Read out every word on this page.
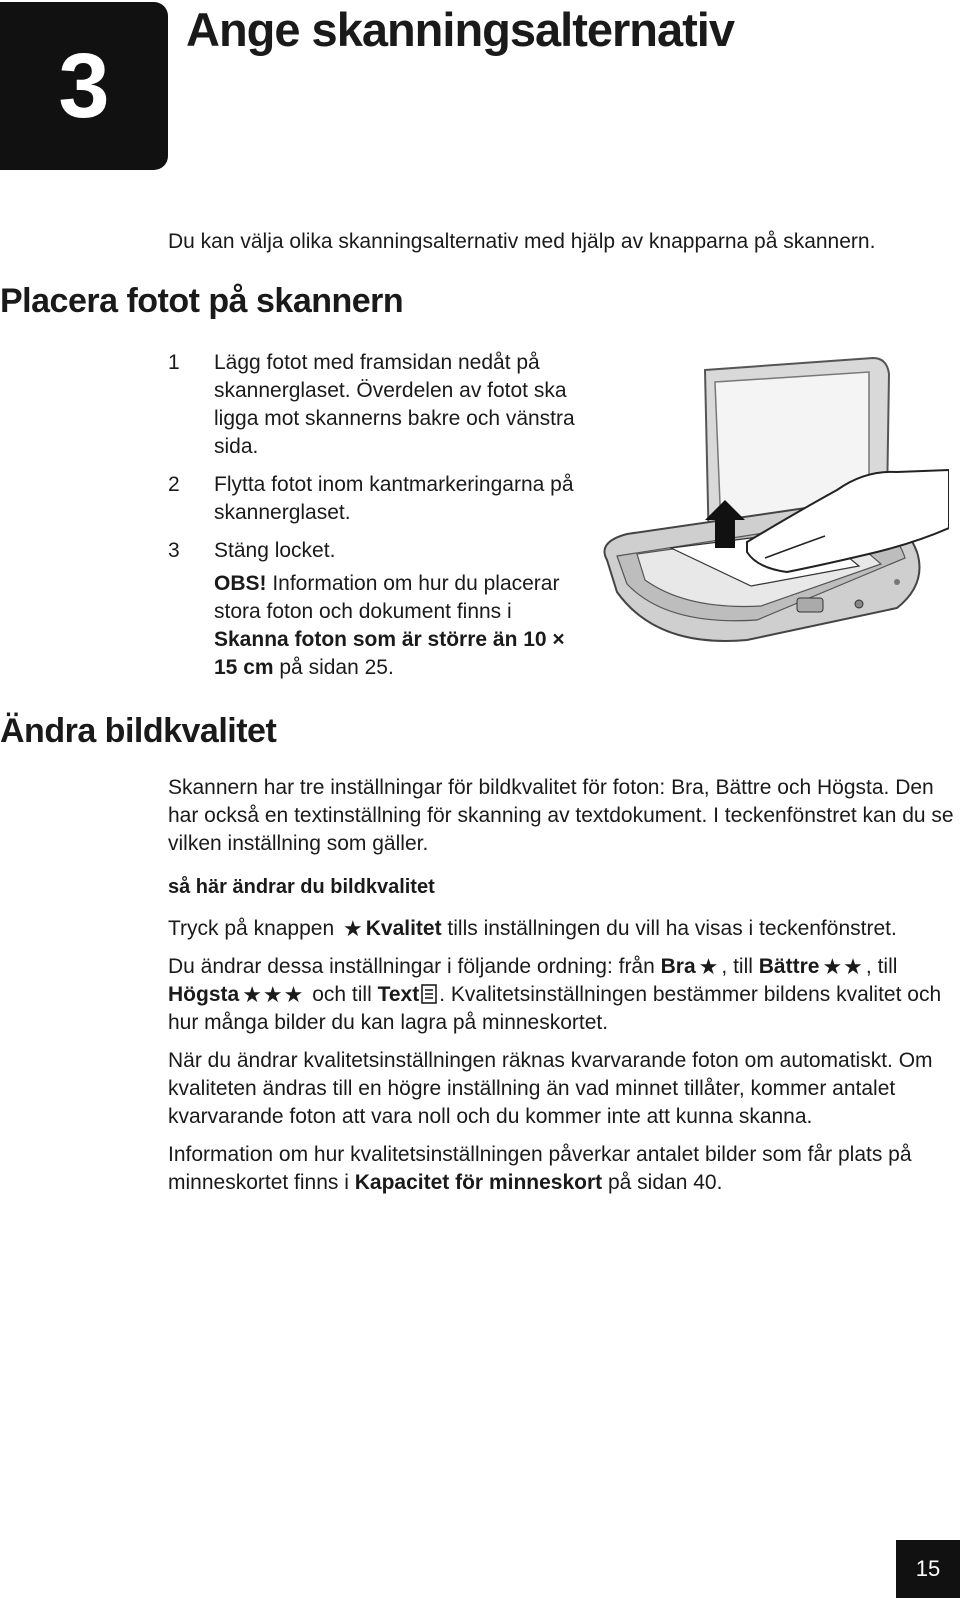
3
Ange skanningsalternativ

Du kan välja olika skanningsalternativ med hjälp av knapparna på skannern.

Placera fotot på skannern
1	Lägg fotot med framsidan nedåt på skannerglaset. Överdelen av fotot ska ligga mot skannerns bakre och vänstra sida.
2	Flytta fotot inom kantmarkeringarna på skannerglaset.
3	Stäng locket.

OBS! Information om hur du placerar stora foton och dokument finns i Skanna foton som är större än 10 × 15 cm på sidan 25.

Ändra bildkvalitet

Skannern har tre inställningar för bildkvalitet för foton: Bra, Bättre och Högsta. Den har också en textinställning för skanning av textdokument. I teckenfönstret kan du se vilken inställning som gäller.

så här ändrar du bildkvalitet

Tryck på knappen ★ Kvalitet tills inställningen du vill ha visas i teckenfönstret.

Du ändrar dessa inställningar i följande ordning: från Bra ★ , till Bättre ★★ , till Högsta ★★★ och till Text . Kvalitetsinställningen bestämmer bildens kvalitet och hur många bilder du kan lagra på minneskortet.

När du ändrar kvalitetsinställningen räknas kvarvarande foton om automatiskt. Om kvaliteten ändras till en högre inställning än vad minnet tillåter, kommer antalet kvarvarande foton att vara noll och du kommer inte att kunna skanna.

Information om hur kvalitetsinställningen påverkar antalet bilder som får plats på minneskortet finns i Kapacitet för minneskort på sidan 40.

15
